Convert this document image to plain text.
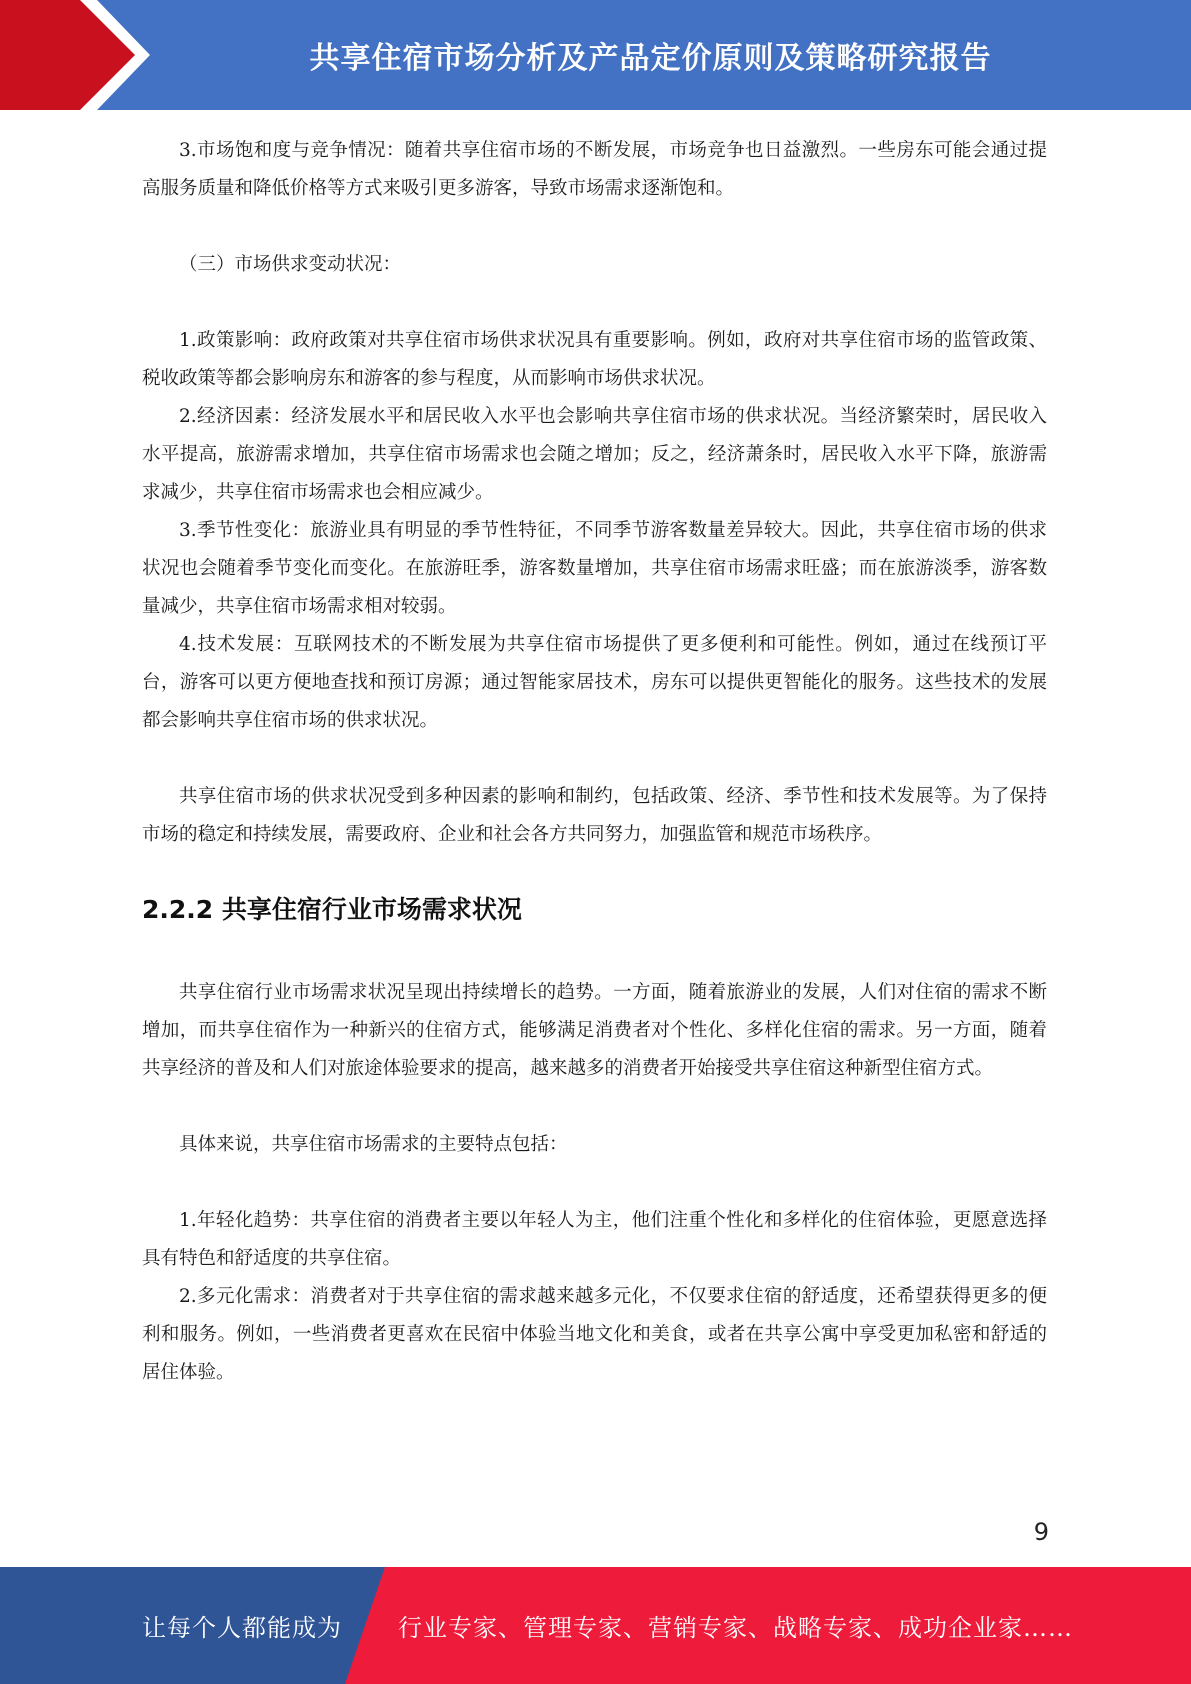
共享住宿市场分析及产品定价原则及策略研究报告

3.市场饱和度与竞争情况：随着共享住宿市场的不断发展，市场竞争也日益激烈。一些房东可能会通过提高服务质量和降低价格等方式来吸引更多游客，导致市场需求逐渐饱和。

（三）市场供求变动状况：

1.政策影响：政府政策对共享住宿市场供求状况具有重要影响。例如，政府对共享住宿市场的监管政策、税收政策等都会影响房东和游客的参与程度，从而影响市场供求状况。

2.经济因素：经济发展水平和居民收入水平也会影响共享住宿市场的供求状况。当经济繁荣时，居民收入水平提高，旅游需求增加，共享住宿市场需求也会随之增加；反之，经济萧条时，居民收入水平下降，旅游需求减少，共享住宿市场需求也会相应减少。

3.季节性变化：旅游业具有明显的季节性特征，不同季节游客数量差异较大。因此，共享住宿市场的供求状况也会随着季节变化而变化。在旅游旺季，游客数量增加，共享住宿市场需求旺盛；而在旅游淡季，游客数量减少，共享住宿市场需求相对较弱。

4.技术发展：互联网技术的不断发展为共享住宿市场提供了更多便利和可能性。例如，通过在线预订平台，游客可以更方便地查找和预订房源；通过智能家居技术，房东可以提供更智能化的服务。这些技术的发展都会影响共享住宿市场的供求状况。

共享住宿市场的供求状况受到多种因素的影响和制约，包括政策、经济、季节性和技术发展等。为了保持市场的稳定和持续发展，需要政府、企业和社会各方共同努力，加强监管和规范市场秩序。

2.2.2 共享住宿行业市场需求状况

共享住宿行业市场需求状况呈现出持续增长的趋势。一方面，随着旅游业的发展，人们对住宿的需求不断增加，而共享住宿作为一种新兴的住宿方式，能够满足消费者对个性化、多样化住宿的需求。另一方面，随着共享经济的普及和人们对旅途体验要求的提高，越来越多的消费者开始接受共享住宿这种新型住宿方式。

具体来说，共享住宿市场需求的主要特点包括：

1.年轻化趋势：共享住宿的消费者主要以年轻人为主，他们注重个性化和多样化的住宿体验，更愿意选择具有特色和舒适度的共享住宿。

2.多元化需求：消费者对于共享住宿的需求越来越多元化，不仅要求住宿的舒适度，还希望获得更多的便利和服务。例如，一些消费者更喜欢在民宿中体验当地文化和美食，或者在共享公寓中享受更加私密和舒适的居住体验。

9
让每个人都能成为 行业专家、管理专家、营销专家、战略专家、成功企业家……
